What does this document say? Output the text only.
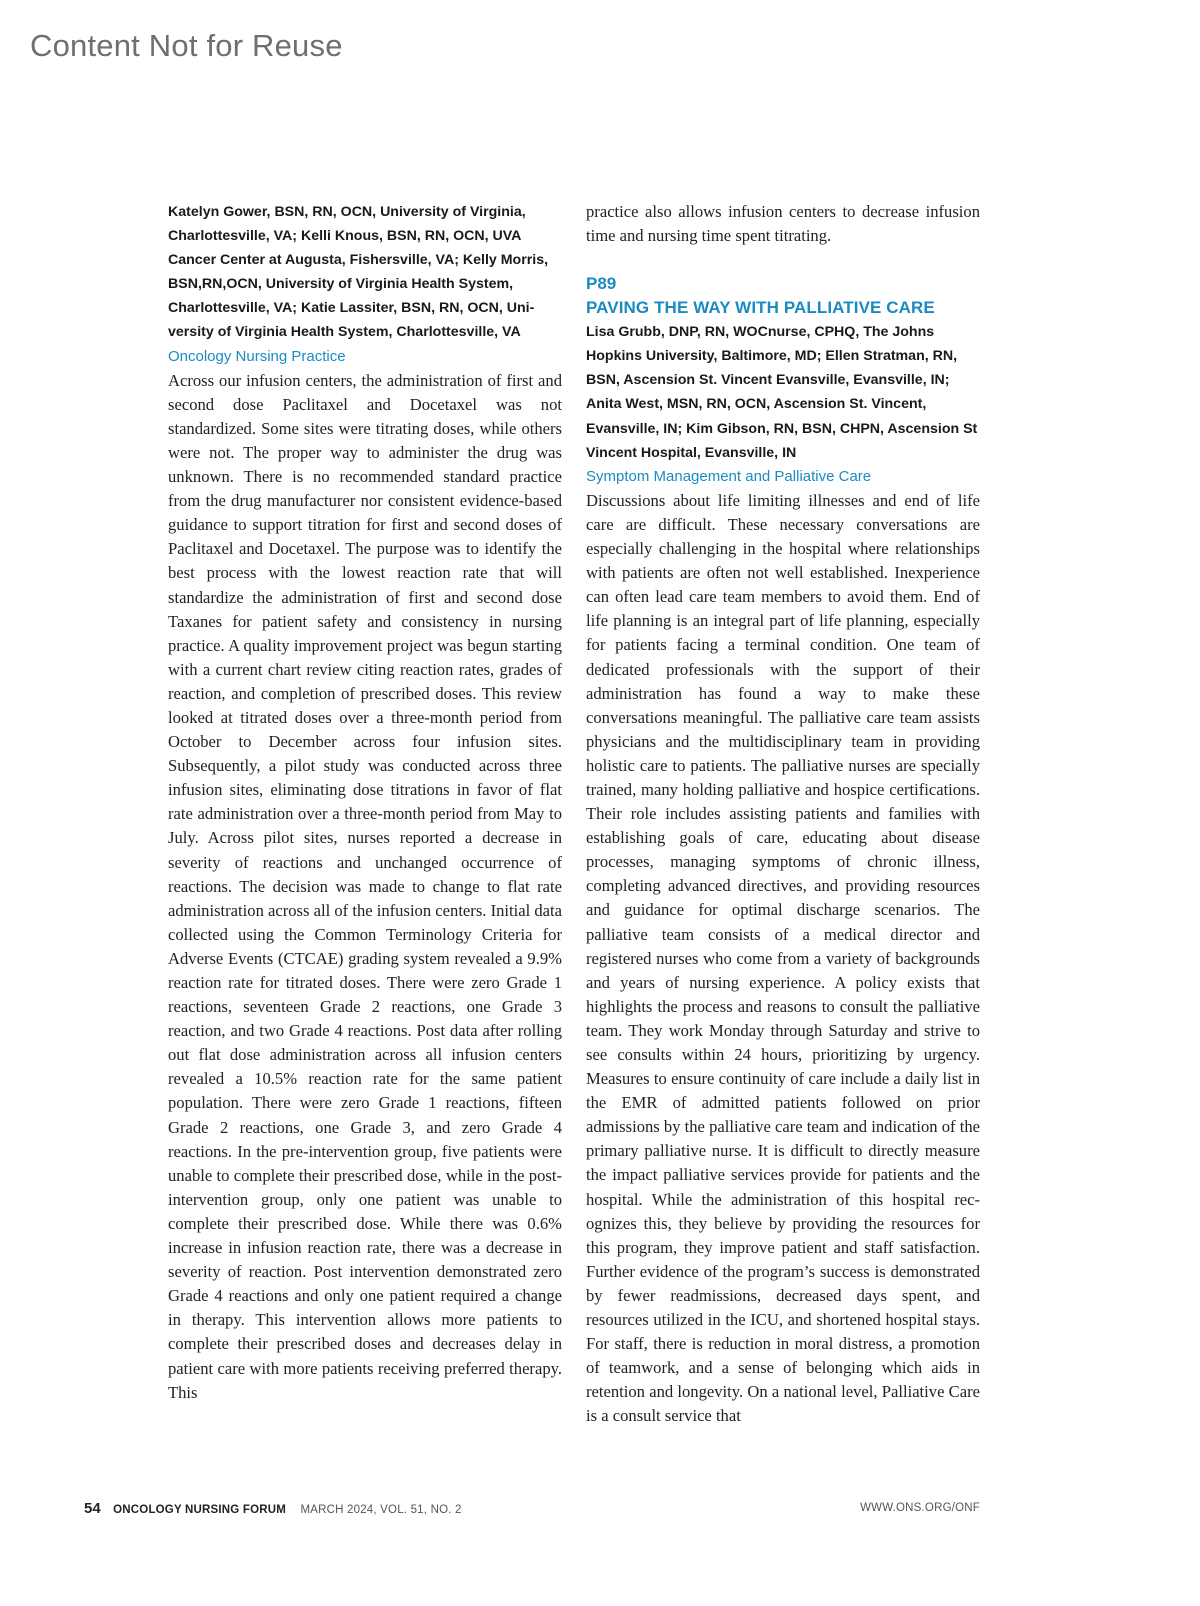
Content Not for Reuse

Katelyn Gower, BSN, RN, OCN, University of Virginia, Charlottesville, VA; Kelli Knous, BSN, RN, OCN, UVA Cancer Center at Augusta, Fishersville, VA; Kelly Morris, BSN,RN,OCN, University of Virginia Health System, Charlottesville, VA; Katie Lassiter, BSN, RN, OCN, University of Virginia Health System, Charlottesville, VA

Oncology Nursing Practice

Across our infusion centers, the administration of first and second dose Paclitaxel and Docetaxel was not standardized. Some sites were titrating doses, while others were not. The proper way to administer the drug was unknown. There is no recommended standard practice from the drug manufacturer nor consistent evidence-based guidance to support titration for first and second doses of Paclitaxel and Docetaxel. The purpose was to identify the best process with the lowest reaction rate that will standardize the administration of first and second dose Taxanes for patient safety and consistency in nursing practice. A quality improvement project was begun starting with a current chart review citing reaction rates, grades of reaction, and completion of prescribed doses. This review looked at titrated doses over a three-month period from October to December across four infusion sites. Subsequently, a pilot study was conducted across three infusion sites, eliminating dose titrations in favor of flat rate administration over a three-month period from May to July. Across pilot sites, nurses reported a decrease in severity of reactions and unchanged occurrence of reactions. The decision was made to change to flat rate administration across all of the infusion centers. Initial data collected using the Common Terminology Criteria for Adverse Events (CTCAE) grading system revealed a 9.9% reaction rate for titrated doses. There were zero Grade 1 reactions, seventeen Grade 2 reactions, one Grade 3 reaction, and two Grade 4 reactions. Post data after rolling out flat dose administration across all infusion centers revealed a 10.5% reaction rate for the same patient population. There were zero Grade 1 reactions, fifteen Grade 2 reactions, one Grade 3, and zero Grade 4 reactions. In the pre-intervention group, five patients were unable to complete their prescribed dose, while in the post-intervention group, only one patient was unable to complete their prescribed dose. While there was 0.6% increase in infusion reaction rate, there was a decrease in severity of reaction. Post intervention demonstrated zero Grade 4 reactions and only one patient required a change in therapy. This intervention allows more patients to complete their prescribed doses and decreases delay in patient care with more patients receiving preferred therapy. This

practice also allows infusion centers to decrease infusion time and nursing time spent titrating.

P89

PAVING THE WAY WITH PALLIATIVE CARE

Lisa Grubb, DNP, RN, WOCnurse, CPHQ, The Johns Hopkins University, Baltimore, MD; Ellen Stratman, RN, BSN, Ascension St. Vincent Evansville, Evansville, IN; Anita West, MSN, RN, OCN, Ascension St. Vincent, Evansville, IN; Kim Gibson, RN, BSN, CHPN, Ascension St Vincent Hospital, Evansville, IN

Symptom Management and Palliative Care

Discussions about life limiting illnesses and end of life care are difficult. These necessary conversations are especially challenging in the hospital where relationships with patients are often not well established. Inexperience can often lead care team members to avoid them. End of life planning is an integral part of life planning, especially for patients facing a terminal condition. One team of dedicated professionals with the support of their administration has found a way to make these conversations meaningful. The palliative care team assists physicians and the multidisciplinary team in providing holistic care to patients. The palliative nurses are specially trained, many holding palliative and hospice certifications. Their role includes assisting patients and families with establishing goals of care, educating about disease processes, managing symptoms of chronic illness, completing advanced directives, and providing resources and guidance for optimal discharge scenarios. The palliative team consists of a medical director and registered nurses who come from a variety of backgrounds and years of nursing experience. A policy exists that highlights the process and reasons to consult the palliative team. They work Monday through Saturday and strive to see consults within 24 hours, prioritizing by urgency. Measures to ensure continuity of care include a daily list in the EMR of admitted patients followed on prior admissions by the palliative care team and indication of the primary palliative nurse. It is difficult to directly measure the impact palliative services provide for patients and the hospital. While the administration of this hospital recognizes this, they believe by providing the resources for this program, they improve patient and staff satisfaction. Further evidence of the program’s success is demonstrated by fewer readmissions, decreased days spent, and resources utilized in the ICU, and shortened hospital stays. For staff, there is reduction in moral distress, a promotion of teamwork, and a sense of belonging which aids in retention and longevity. On a national level, Palliative Care is a consult service that

54 ONCOLOGY NURSING FORUM MARCH 2024, VOL. 51, NO. 2	WWW.ONS.ORG/ONF
